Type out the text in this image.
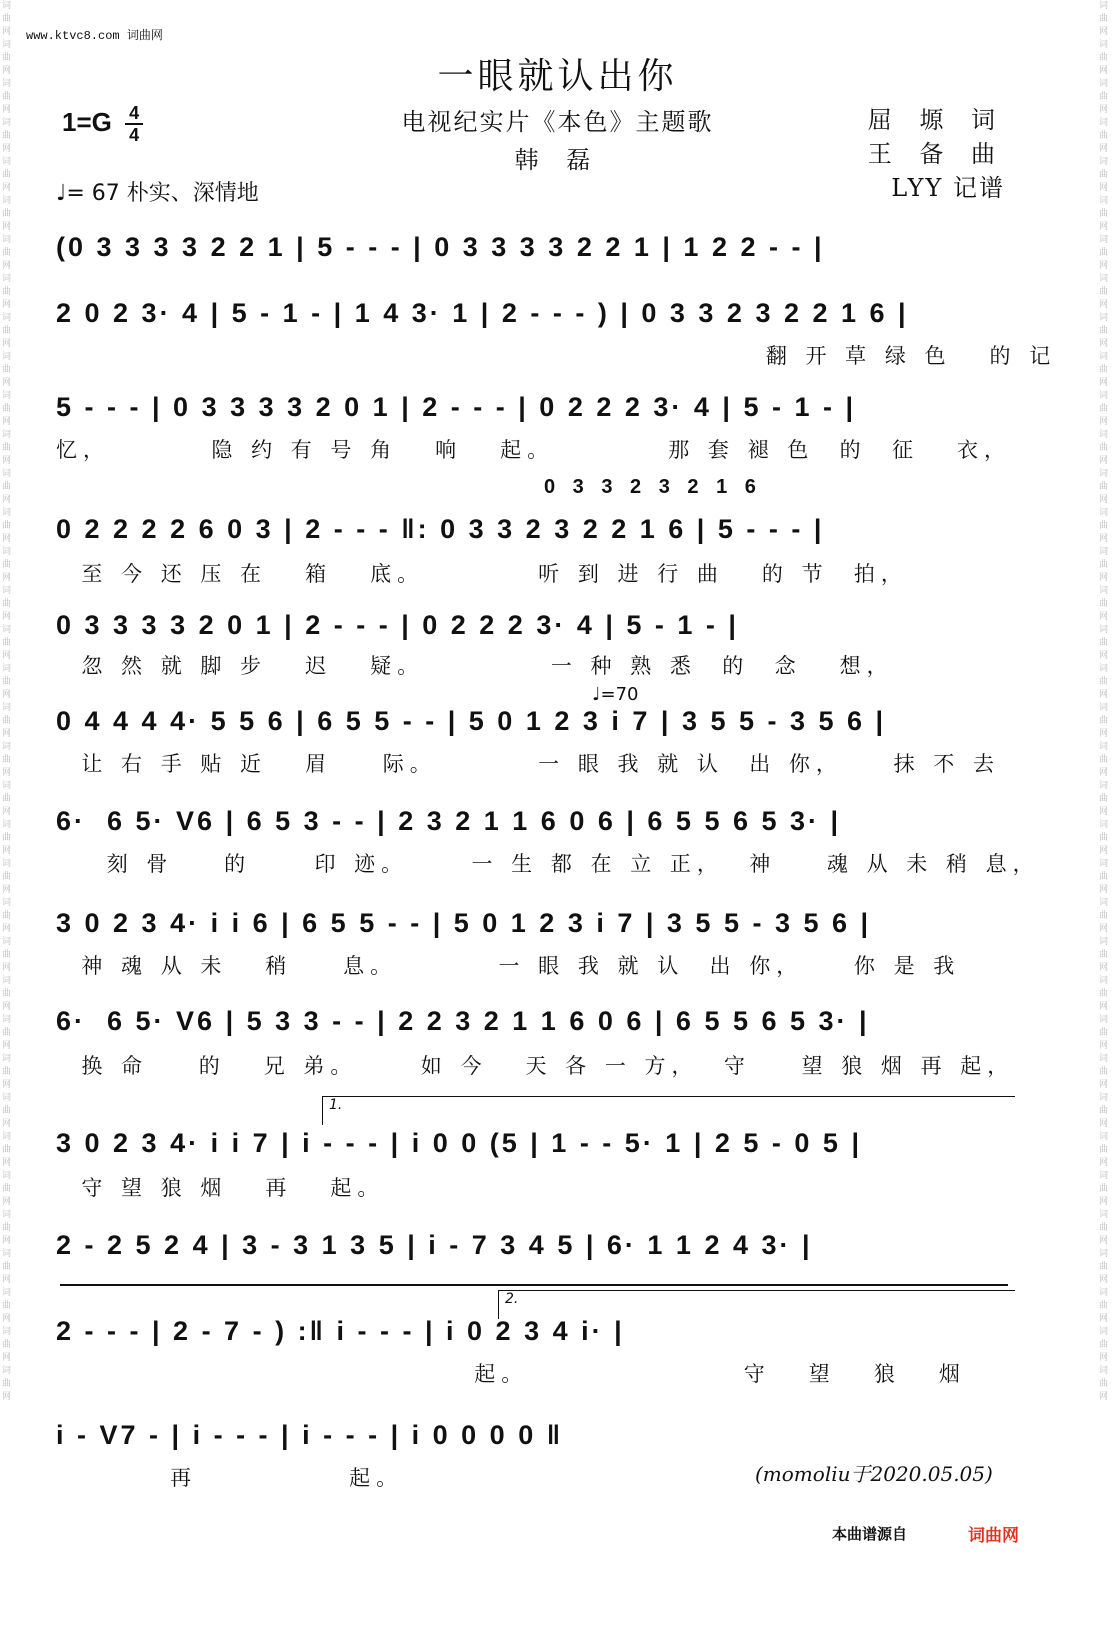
词曲网词曲网词曲网词曲网词曲网词曲网词曲网词曲网词曲网词曲网词曲网词曲网词曲网词曲网词曲网词曲网词曲网词曲网词曲网词曲网词曲网词曲网词曲网词曲网词曲网词曲网词曲网词曲网词曲网词曲网词曲网词曲网词曲网词曲网词曲网词曲网
词曲网词曲网词曲网词曲网词曲网词曲网词曲网词曲网词曲网词曲网词曲网词曲网词曲网词曲网词曲网词曲网词曲网词曲网词曲网词曲网词曲网词曲网词曲网词曲网词曲网词曲网词曲网词曲网词曲网词曲网词曲网词曲网词曲网词曲网词曲网词曲网
www.ktvc8.com 词曲网
一眼就认出你
$1=G \frac{4}{4}$	电视纪实片《本色》主题歌
韩 磊
屈 塬 词
王 备 曲
LYY 记谱
♩= 67 朴实、深情地
(0 3 3 3 3 2 2 1 | 5 - - - | 0 3 3 3 3 2 2 1 | 1 2 2 - - |
2 0 2 3· 4 | 5 - 1 - | 1 4 3· 1 | 2 - - - ) | 0 3 3 2 3 2 2 1 6 |
翻 开 草 绿 色   的 记
5 - - - | 0 3 3 3 3 2 0 1 | 2 - - - | 0 2 2 2 3· 4 | 5 - 1 - |
忆，        隐 约 有 号 角   响   起。         那 套 褪 色  的  征   衣，
0 3 3 2 3 2 1 6
0 2 2 2 2 6 0 3 | 2 - - - ‖: 0 3 3 2 3 2 2 1 6 | 5 - - - |
至 今 还 压 在   箱   底。         听 到 进 行 曲   的 节  拍，
0 3 3 3 3 2 0 1 | 2 - - - | 0 2 2 2 3· 4 | 5 - 1 - |
忽 然 就 脚 步   迟   疑。          一 种 熟 悉  的  念   想，
♩=70
0 4 4 4 4· 5 5 6 | 6 5 5 - - | 5 0 1 2 3 i 7 | 3 5 5 - 3 5 6 |
让 右 手 贴 近   眉    际。        一 眼 我 就 认  出 你，    抹 不 去
6·  6 5· V6 | 6 5 3 - - | 2 3 2 1 1 6 0 6 | 6 5 5 6 5 3· |
刻 骨    的     印 迹。     一 生 都 在 立 正，  神    魂 从 未 稍 息，
3 0 2 3 4· i i 6 | 6 5 5 - - | 5 0 1 2 3 i 7 | 3 5 5 - 3 5 6 |
神 魂 从 未   稍    息。        一 眼 我 就 认  出 你，    你 是 我
6·  6 5· V6 | 5 3 3 - - | 2 2 3 2 1 1 6 0 6 | 6 5 5 6 5 3· |
换 命    的   兄 弟。     如 今   天 各 一 方，  守    望 狼 烟 再 起，
1.
3 0 2 3 4· i i 7 | i - - - | i 0 0 (5 | 1 - - 5· 1 | 2 5 - 0 5 |
守 望 狼 烟   再   起。
2 - 2 5 2 4 | 3 - 3 1 3 5 | i - 7 3 4 5 | 6· 1 1 2 4 3· |
2.
2 - - - | 2 - 7 - ) :‖ i - - - | i 0 2 3 4 i· |
起。                 守   望   狼   烟
i - V7 - | i - - - | i - - - | i 0 0 0 0 ‖
再            起。	(momoliu于2020.05.05)
本曲谱源自	词曲网
